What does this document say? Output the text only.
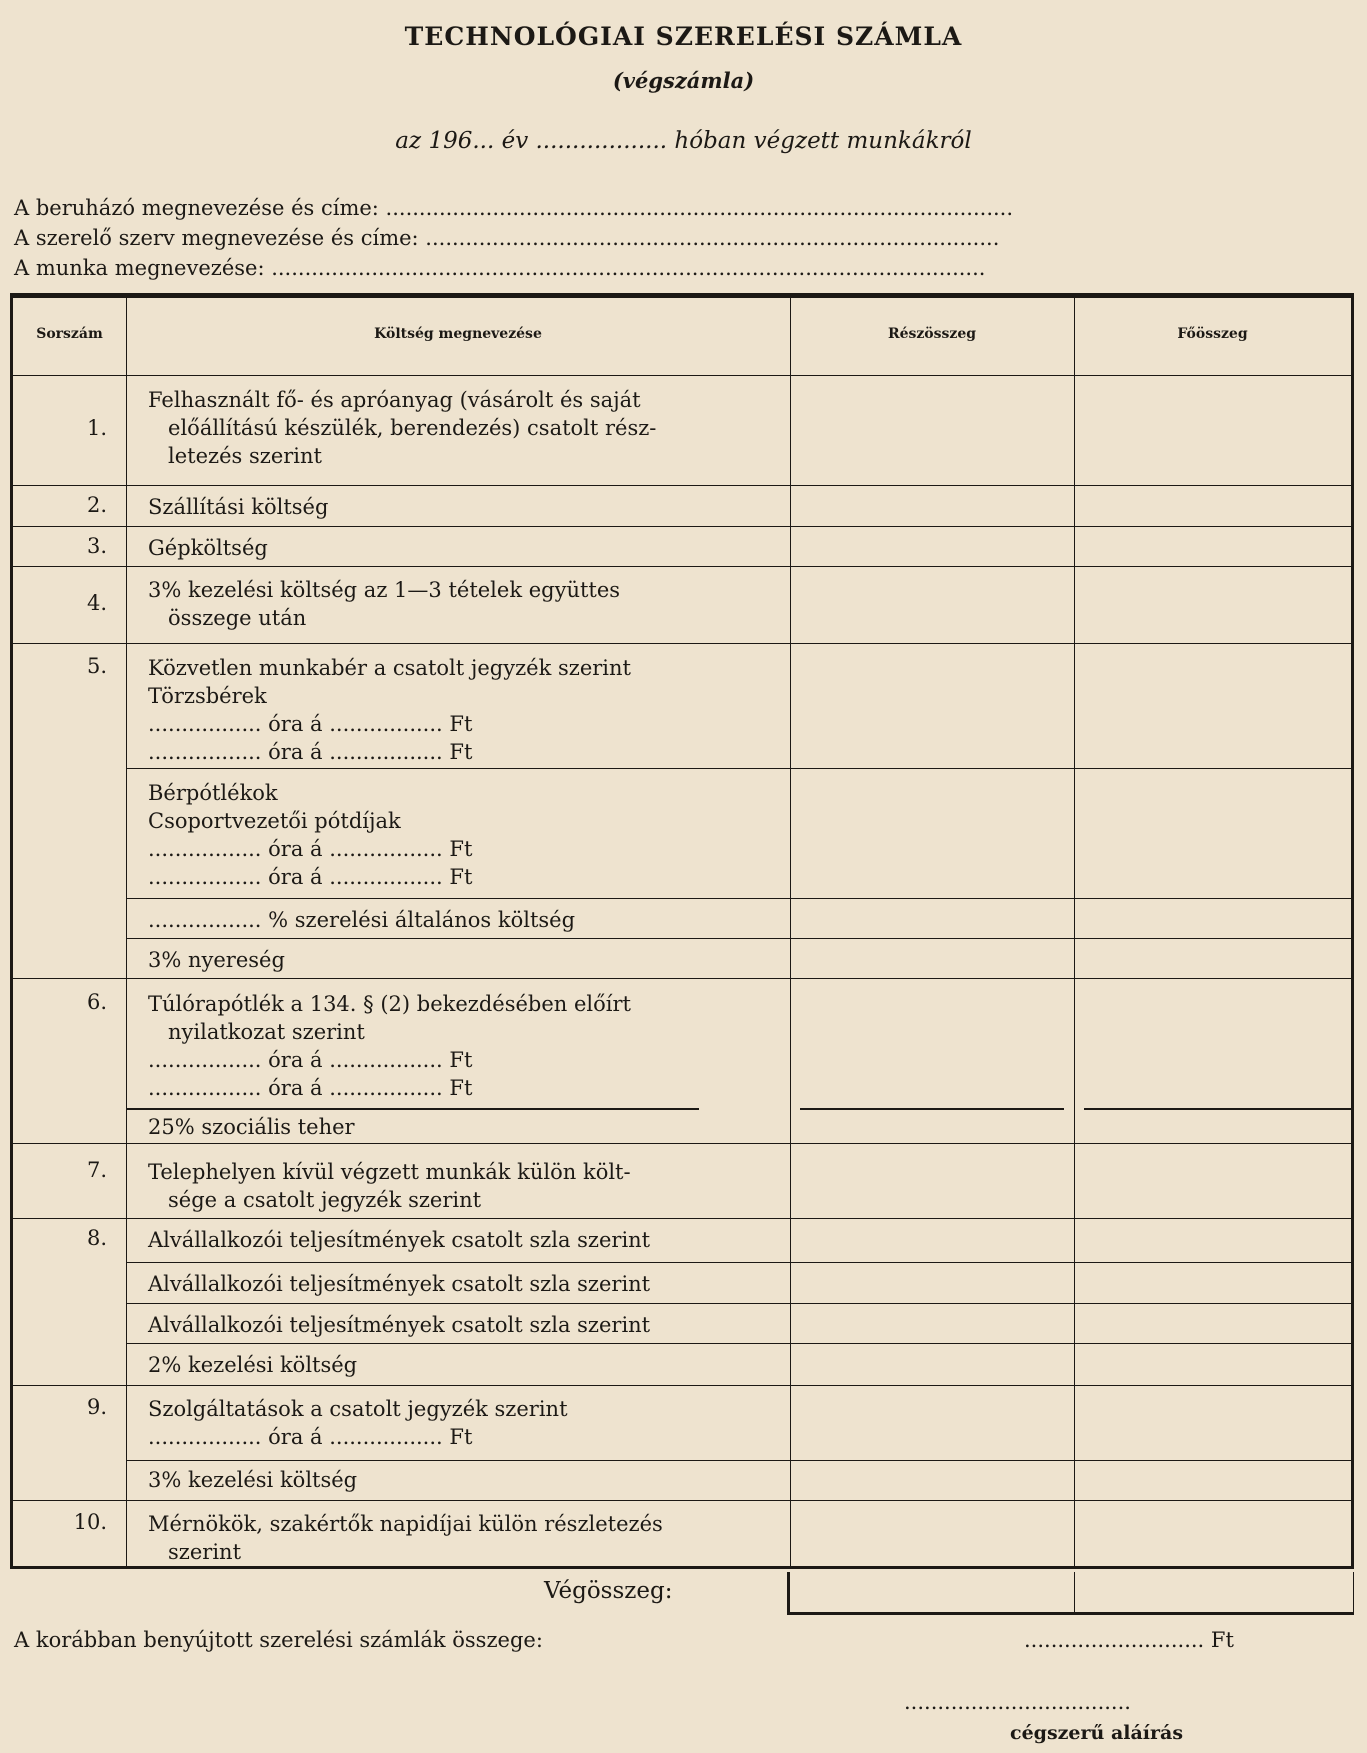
TECHNOLÓGIAI SZERELÉSI SZÁMLA
(végszámla)
az 196... év .................. hóban végzett munkákról
A beruházó megnevezése és címe: ..............................................................................................
A szerelő szerv megnevezése és címe: ......................................................................................
A munka megnevezése: ...........................................................................................................
Sorszám	Költség megnevezése	Részösszeg	Főösszeg
1.
Felhasznált fő- és apróanyag (vásárolt és saját
előállítású készülék, berendezés) csatolt rész-
letezés szerint
2. Szállítási költség
3. Gépköltség
4.
3% kezelési költség az 1—3 tételek együttes
összege után
5. Közvetlen munkabér a csatolt jegyzék szerint
Törzsbérek
................. óra á ................. Ft
................. óra á ................. Ft
Bérpótlékok
Csoportvezetői pótdíjak
................. óra á ................. Ft
................. óra á ................. Ft
................. % szerelési általános költség
3% nyereség
6. Túlórapótlék a 134. § (2) bekezdésében előírt
nyilatkozat szerint
................. óra á ................. Ft
................. óra á ................. Ft
25% szociális teher
7. Telephelyen kívül végzett munkák külön költ-
sége a csatolt jegyzék szerint
8. Alvállalkozói teljesítmények csatolt szla szerint
Alvállalkozói teljesítmények csatolt szla szerint
Alvállalkozói teljesítmények csatolt szla szerint
2% kezelési költség
9. Szolgáltatások a csatolt jegyzék szerint
................. óra á ................. Ft
3% kezelési költség
10. Mérnökök, szakértők napidíjai külön részletezés
szerint
Végösszeg:
A korábban benyújtott szerelési számlák összege:	........................... Ft
..................................
cégszerű aláírás
